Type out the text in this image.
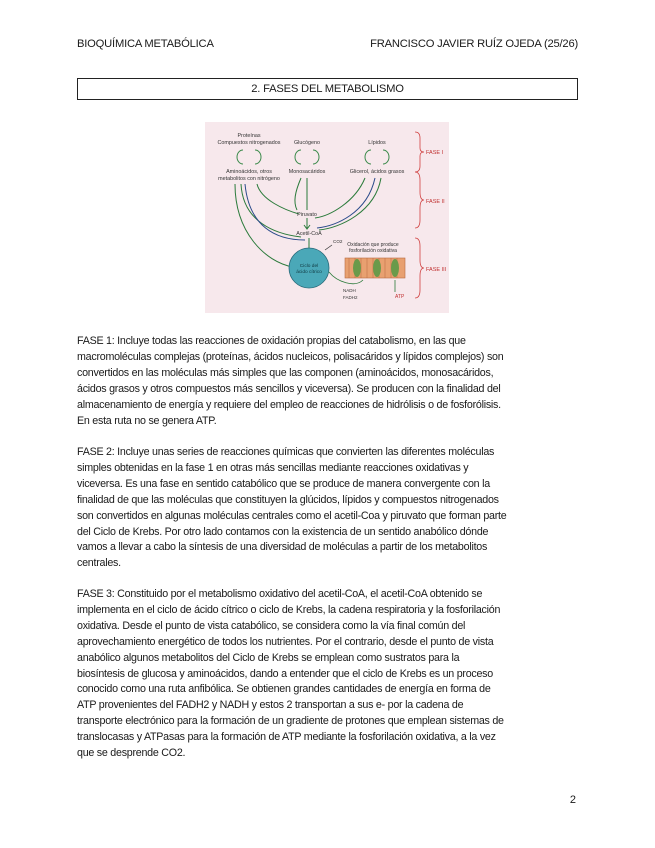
BIOQUÍMICA METABÓLICA	FRANCISCO JAVIER RUÍZ OJEDA (25/26)
2. FASES DEL METABOLISMO
FASE I
FASE II
FASE III
Proteínas
Compuestos nitrogenados Glucógeno	Lípidos
Aminoácidos, otros
metabolitos con nitrógeno
Monosacáridos	Glicerol, ácidos grasos
Piruvato
Acetil-CoA
Ciclo del
ácido cítrico
CO2
Oxidación que produce
fosforilación oxidativa
NADH
FADH2	ATP
FASE 1: Incluye todas las reacciones de oxidación propias del catabolismo, en las que
macromoléculas complejas (proteínas, ácidos nucleicos, polisacáridos y lípidos complejos) son
convertidos en las moléculas más simples que las componen (aminoácidos, monosacáridos,
ácidos grasos y otros compuestos más sencillos y viceversa). Se producen con la finalidad del
almacenamiento de energía y requiere del empleo de reacciones de hidrólisis o de fosforólisis.
En esta ruta no se genera ATP.
FASE 2: Incluye unas series de reacciones químicas que convierten las diferentes moléculas
simples obtenidas en la fase 1 en otras más sencillas mediante reacciones oxidativas y
viceversa. Es una fase en sentido catabólico que se produce de manera convergente con la
finalidad de que las moléculas que constituyen la glúcidos, lípidos y compuestos nitrogenados
son convertidos en algunas moléculas centrales como el acetil-Coa y piruvato que forman parte
del Ciclo de Krebs. Por otro lado contamos con la existencia de un sentido anabólico dónde
vamos a llevar a cabo la síntesis de una diversidad de moléculas a partir de los metabolitos
centrales.
FASE 3: Constituido por el metabolismo oxidativo del acetil-CoA, el acetil-CoA obtenido se
implementa en el ciclo de ácido cítrico o ciclo de Krebs, la cadena respiratoria y la fosforilación
oxidativa. Desde el punto de vista catabólico, se considera como la vía final común del
aprovechamiento energético de todos los nutrientes. Por el contrario, desde el punto de vista
anabólico algunos metabolitos del Ciclo de Krebs se emplean como sustratos para la
biosíntesis de glucosa y aminoácidos, dando a entender que el ciclo de Krebs es un proceso
conocido como una ruta anfibólica. Se obtienen grandes cantidades de energía en forma de
ATP provenientes del FADH2 y NADH y estos 2 transportan a sus e- por la cadena de
transporte electrónico para la formación de un gradiente de protones que emplean sistemas de
translocasas y ATPasas para la formación de ATP mediante la fosforilación oxidativa, a la vez
que se desprende CO2.
2
